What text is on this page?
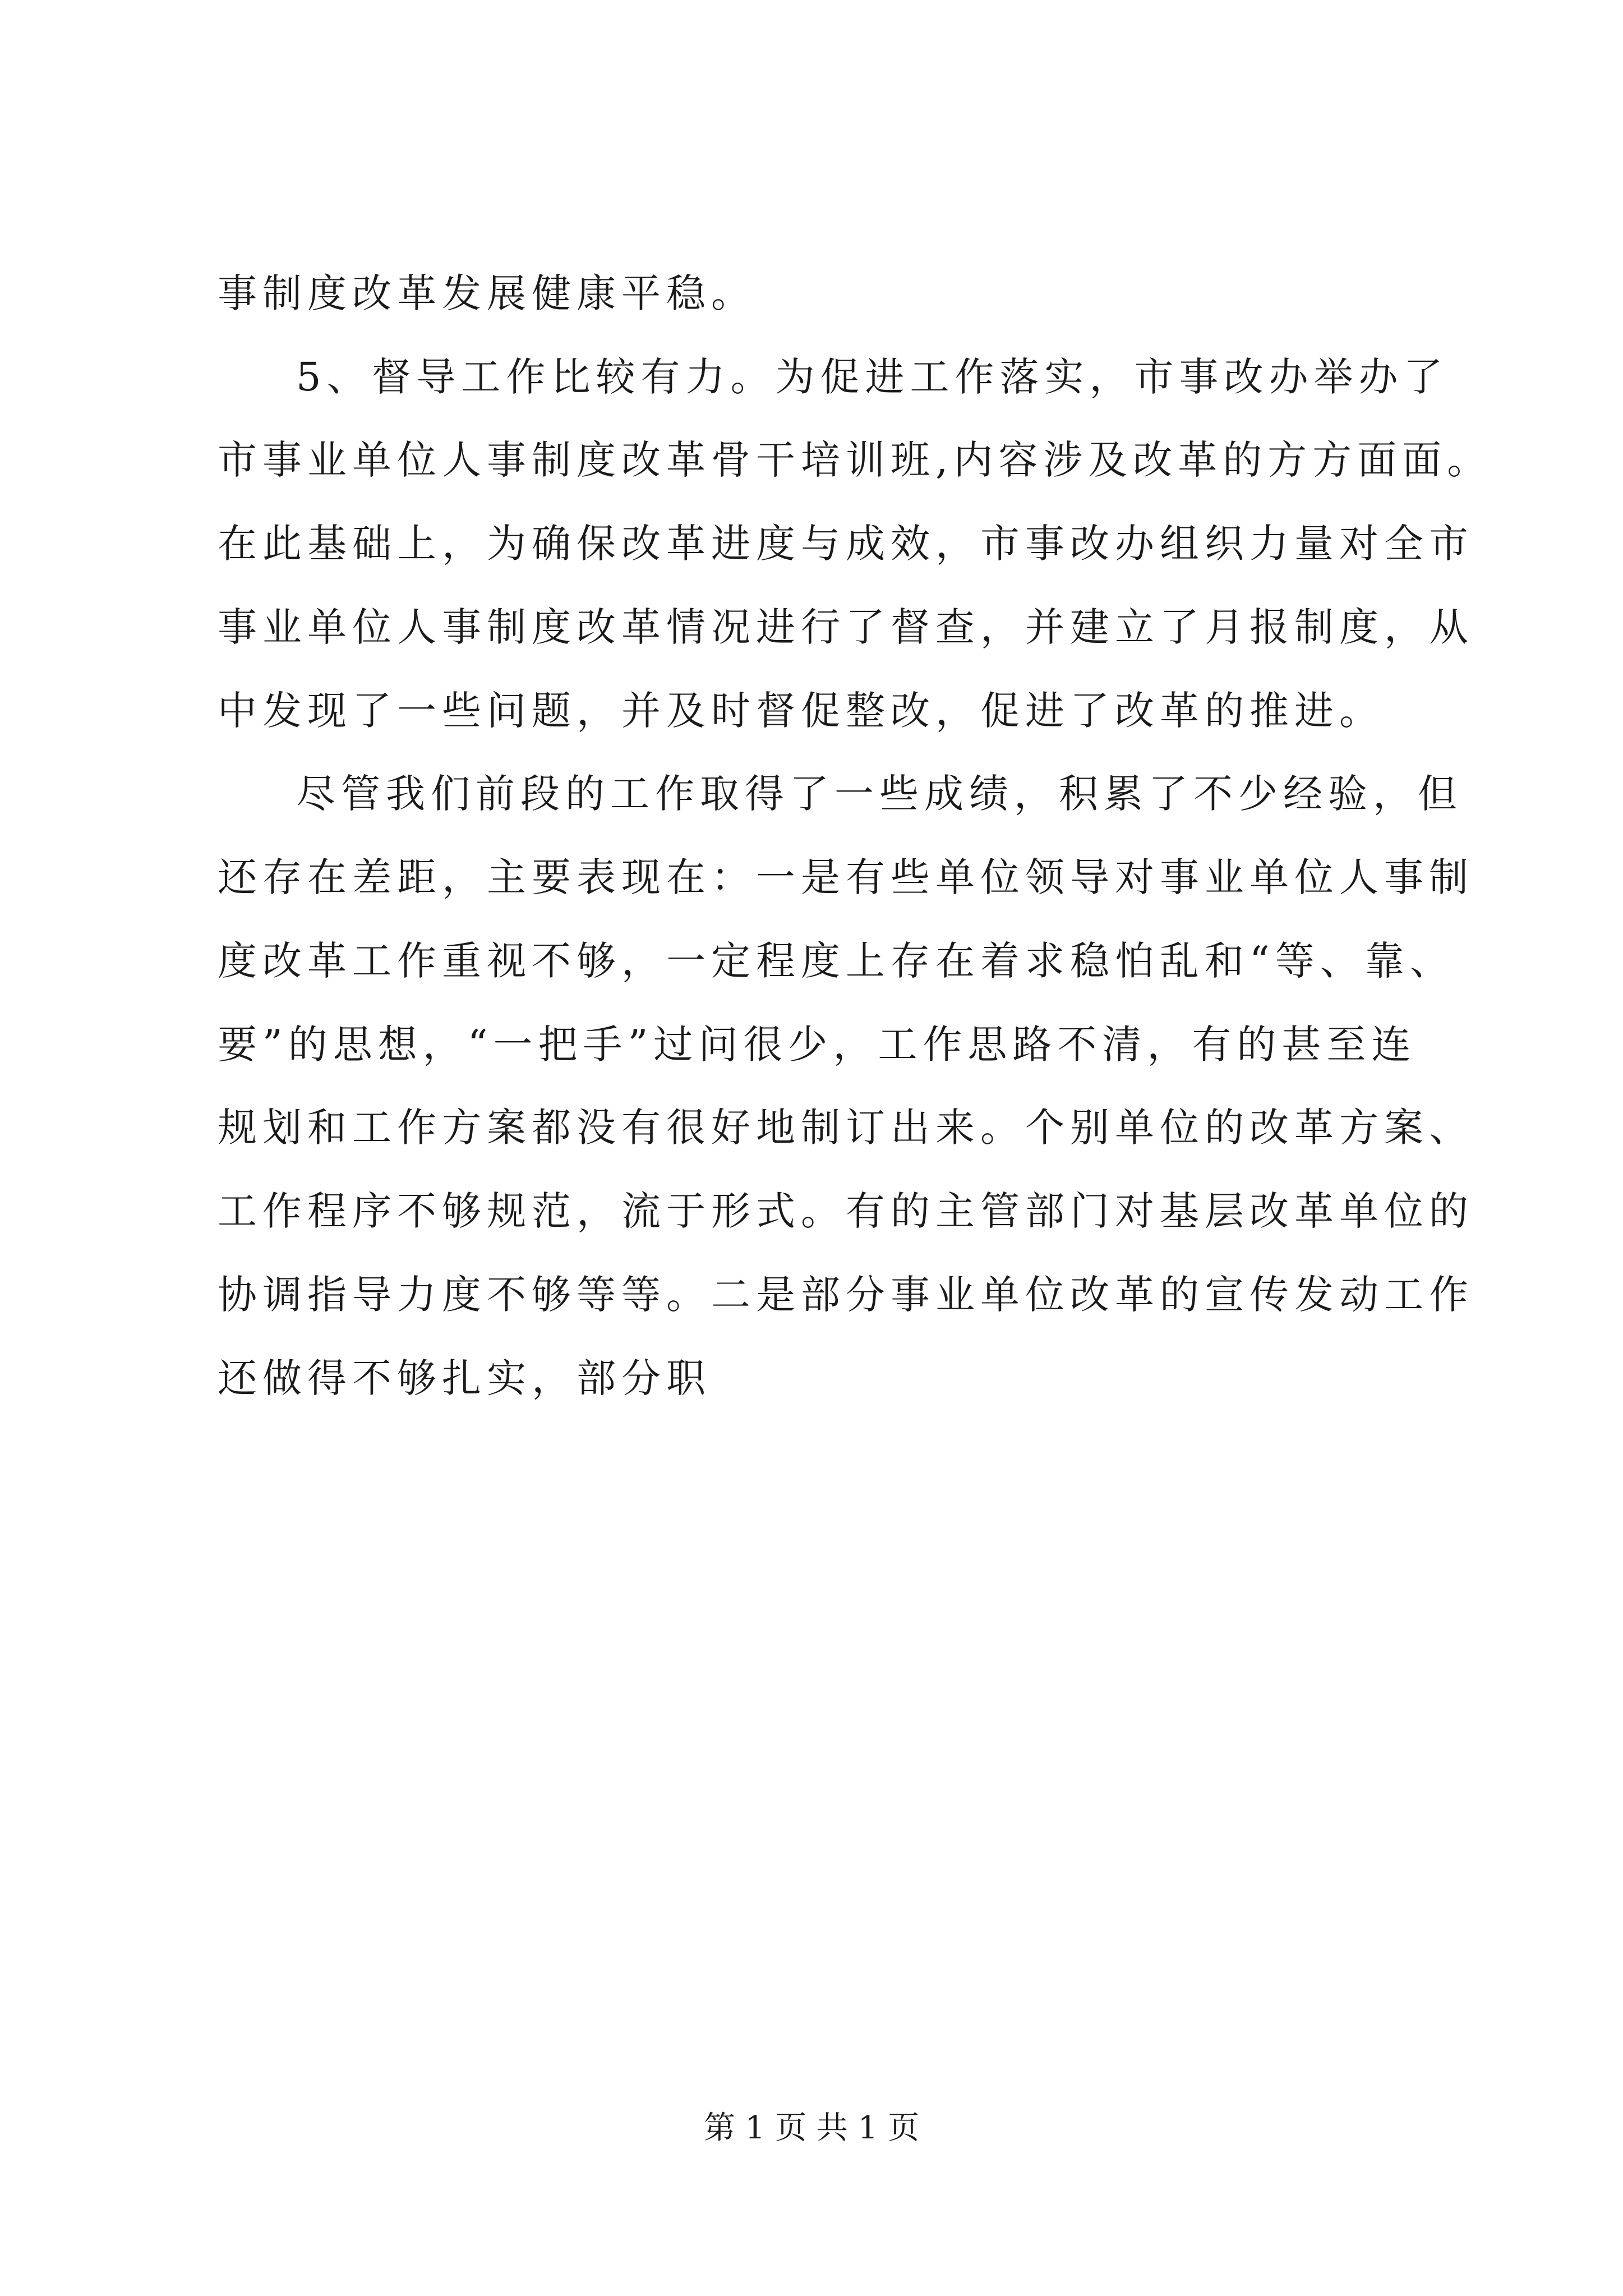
事制度改革发展健康平稳。
5、督导工作比较有力。为促进工作落实，市事改办举办了
市事业单位人事制度改革骨干培训班,内容涉及改革的方方面面。
在此基础上，为确保改革进度与成效，市事改办组织力量对全市
事业单位人事制度改革情况进行了督查，并建立了月报制度，从
中发现了一些问题，并及时督促整改，促进了改革的推进。
尽管我们前段的工作取得了一些成绩，积累了不少经验，但
还存在差距，主要表现在：一是有些单位领导对事业单位人事制
度改革工作重视不够，一定程度上存在着求稳怕乱和“等、靠、
要”的思想，“一把手”过问很少，工作思路不清，有的甚至连
规划和工作方案都没有很好地制订出来。个别单位的改革方案、
工作程序不够规范，流于形式。有的主管部门对基层改革单位的
协调指导力度不够等等。二是部分事业单位改革的宣传发动工作
还做得不够扎实，部分职
第 1 页 共 1 页
